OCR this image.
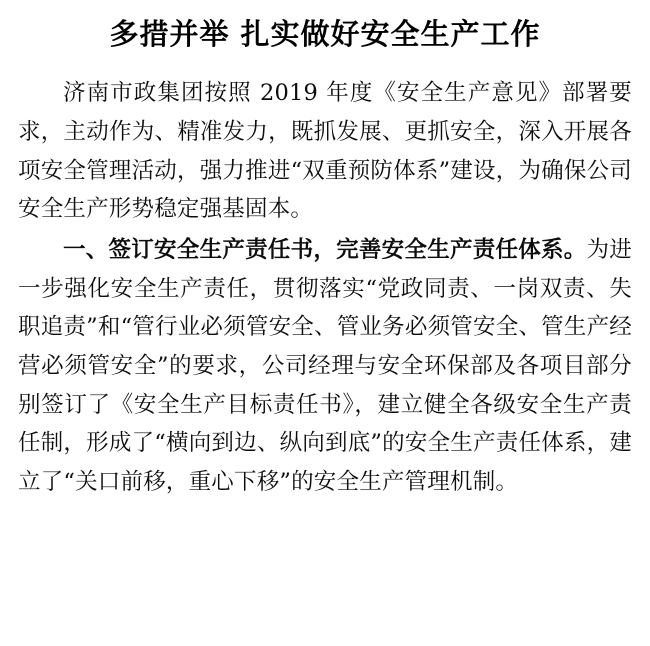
多措并举 扎实做好安全生产工作

济南市政集团按照 2019 年度《安全生产意见》部署要求，主动作为、精准发力，既抓发展、更抓安全，深入开展各项安全管理活动，强力推进“双重预防体系”建设，为确保公司安全生产形势稳定强基固本。

一、签订安全生产责任书，完善安全生产责任体系。为进一步强化安全生产责任，贯彻落实“党政同责、一岗双责、失职追责”和“管行业必须管安全、管业务必须管安全、管生产经营必须管安全”的要求，公司经理与安全环保部及各项目部分别签订了《安全生产目标责任书》，建立健全各级安全生产责任制，形成了“横向到边、纵向到底”的安全生产责任体系，建立了“关口前移，重心下移”的安全生产管理机制。
